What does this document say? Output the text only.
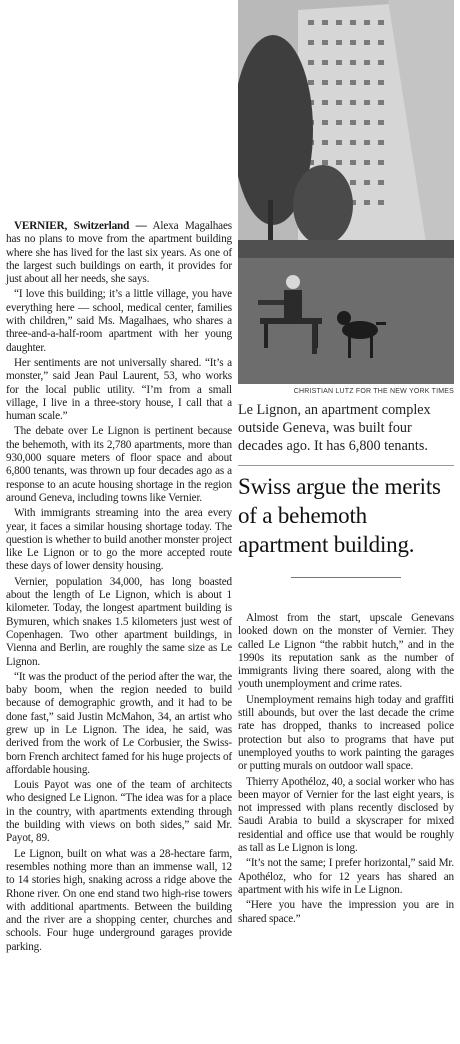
CHRISTIAN LUTZ FOR THE NEW YORK TIMES
Le Lignon, an apartment complex outside Geneva, was built four decades ago. It has 6,800 tenants.
Swiss argue the merits of a behemoth apartment building.

VERNIER, Switzerland — Alexa Magalhaes has no plans to move from the apartment building where she has lived for the last six years. As one of the largest such buildings on earth, it provides for just about all her needs, she says.

“I love this building; it’s a little village, you have everything here — school, medical center, families with children,” said Ms. Magalhaes, who shares a three-and-a-half-room apartment with her young daughter.

Her sentiments are not universally shared. “It’s a monster,” said Jean Paul Laurent, 53, who works for the local public utility. “I’m from a small village, I live in a three-story house, I call that a human scale.”

The debate over Le Lignon is pertinent because the behemoth, with its 2,780 apartments, more than 930,000 square meters of floor space and about 6,800 tenants, was thrown up four decades ago as a response to an acute housing shortage in the region around Geneva, including towns like Vernier.

With immigrants streaming into the area every year, it faces a similar housing shortage today. The question is whether to build another monster project like Le Lignon or to go the more accepted route these days of lower density housing.

Vernier, population 34,000, has long boasted about the length of Le Lignon, which is about 1 kilometer. Today, the longest apartment building is Bymuren, which snakes 1.5 kilometers just west of Copenhagen. Two other apartment buildings, in Vienna and Berlin, are roughly the same size as Le Lignon.

“It was the product of the period after the war, the baby boom, when the region needed to build because of demographic growth, and it had to be done fast,” said Justin McMahon, 34, an artist who grew up in Le Lignon. The idea, he said, was derived from the work of Le Corbusier, the Swiss-born French architect famed for his huge projects of affordable housing.

Louis Payot was one of the team of architects who designed Le Lignon. “The idea was for a place in the country, with apartments extending through the building with views on both sides,” said Mr. Payot, 89.

Le Lignon, built on what was a 28-hectare farm, resembles nothing more than an immense wall, 12 to 14 stories high, snaking across a ridge above the Rhone river. On one end stand two high-rise towers with additional apartments. Between the building and the river are a shopping center, churches and schools. Four huge underground garages provide parking.

Almost from the start, upscale Genevans looked down on the monster of Vernier. They called Le Lignon “the rabbit hutch,” and in the 1990s its reputation sank as the number of immigrants living there soared, along with the youth unemployment and crime rates.

Unemployment remains high today and graffiti still abounds, but over the last decade the crime rate has dropped, thanks to increased police protection but also to programs that have put unemployed youths to work painting the garages or putting murals on outdoor wall space.

Thierry Apothéloz, 40, a social worker who has been mayor of Vernier for the last eight years, is not impressed with plans recently disclosed by Saudi Arabia to build a skyscraper for mixed residential and office use that would be roughly as tall as Le Lignon is long.

“It’s not the same; I prefer horizontal,” said Mr. Apothéloz, who for 12 years has shared an apartment with his wife in Le Lignon.

“Here you have the impression you are in shared space.”
